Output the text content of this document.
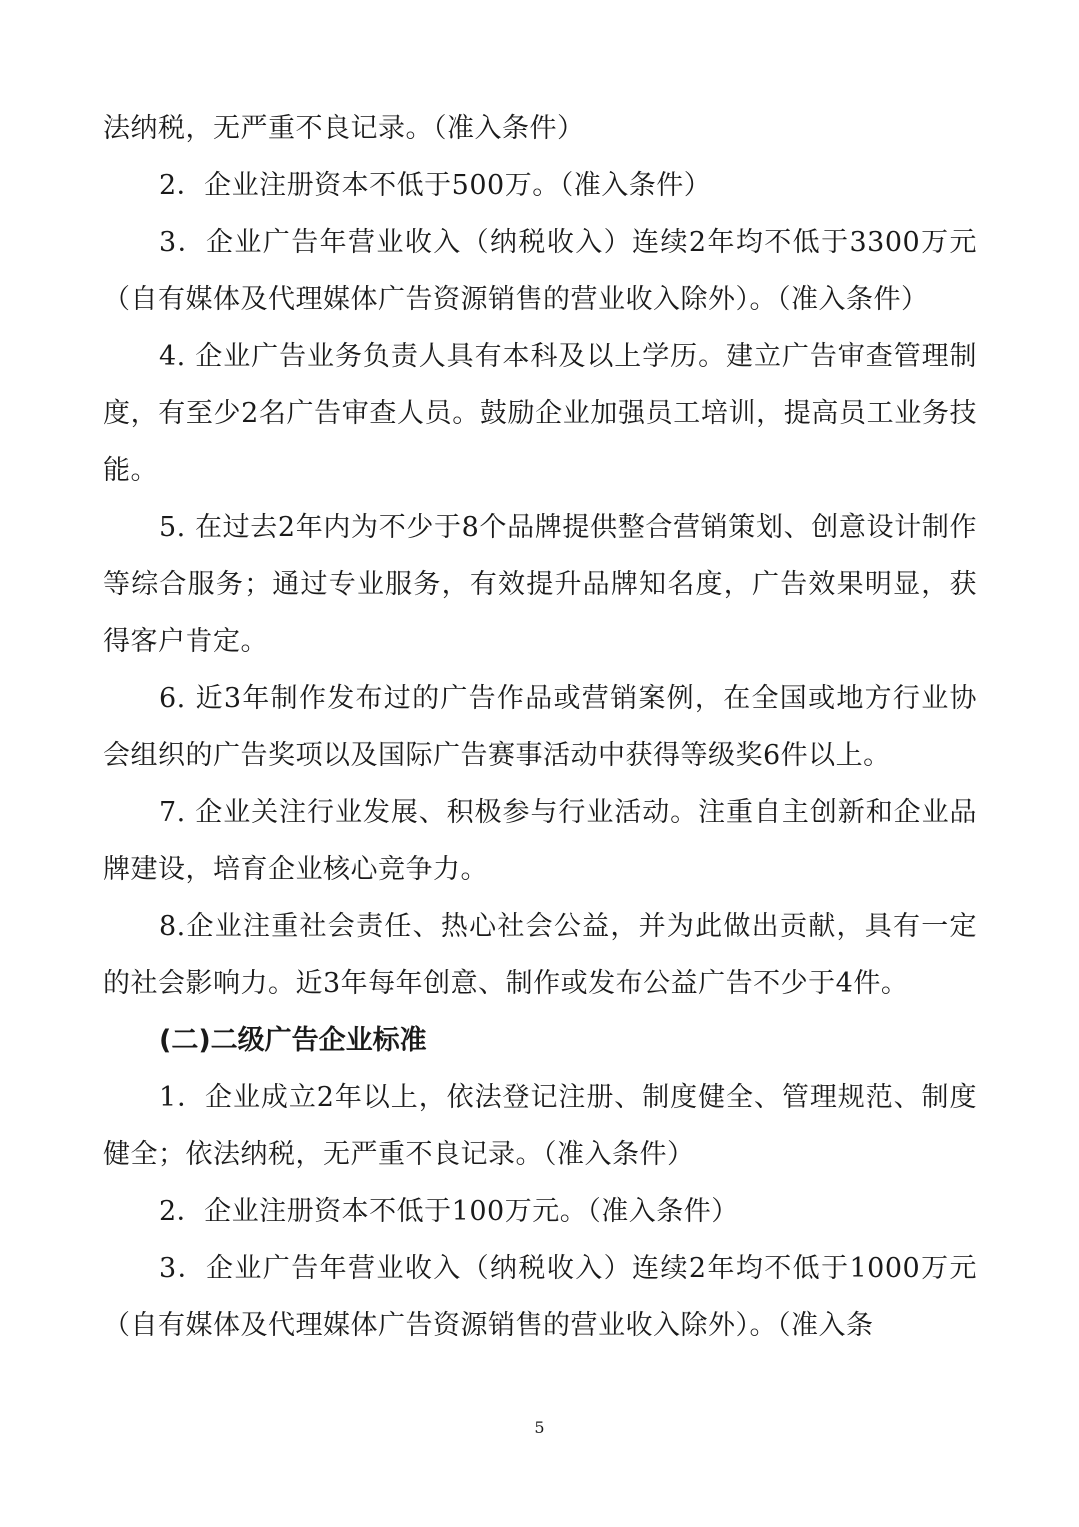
法纳税，无严重不良记录。（准入条件）

2．企业注册资本不低于500万。（准入条件）

3．企业广告年营业收入（纳税收入）连续2年均不低于3300万元（自有媒体及代理媒体广告资源销售的营业收入除外）。（准入条件）

4. 企业广告业务负责人具有本科及以上学历。建立广告审查管理制度，有至少2名广告审查人员。鼓励企业加强员工培训，提高员工业务技能。

5. 在过去2年内为不少于8个品牌提供整合营销策划、创意设计制作等综合服务；通过专业服务，有效提升品牌知名度，广告效果明显，获得客户肯定。

6. 近3年制作发布过的广告作品或营销案例，在全国或地方行业协会组织的广告奖项以及国际广告赛事活动中获得等级奖6件以上。

7. 企业关注行业发展、积极参与行业活动。注重自主创新和企业品牌建设，培育企业核心竞争力。

8.企业注重社会责任、热心社会公益，并为此做出贡献，具有一定的社会影响力。近3年每年创意、制作或发布公益广告不少于4件。

(二)二级广告企业标准

1．企业成立2年以上，依法登记注册、制度健全、管理规范、制度健全；依法纳税，无严重不良记录。（准入条件）

2．企业注册资本不低于100万元。（准入条件）

3．企业广告年营业收入（纳税收入）连续2年均不低于1000万元（自有媒体及代理媒体广告资源销售的营业收入除外）。（准入条

5
